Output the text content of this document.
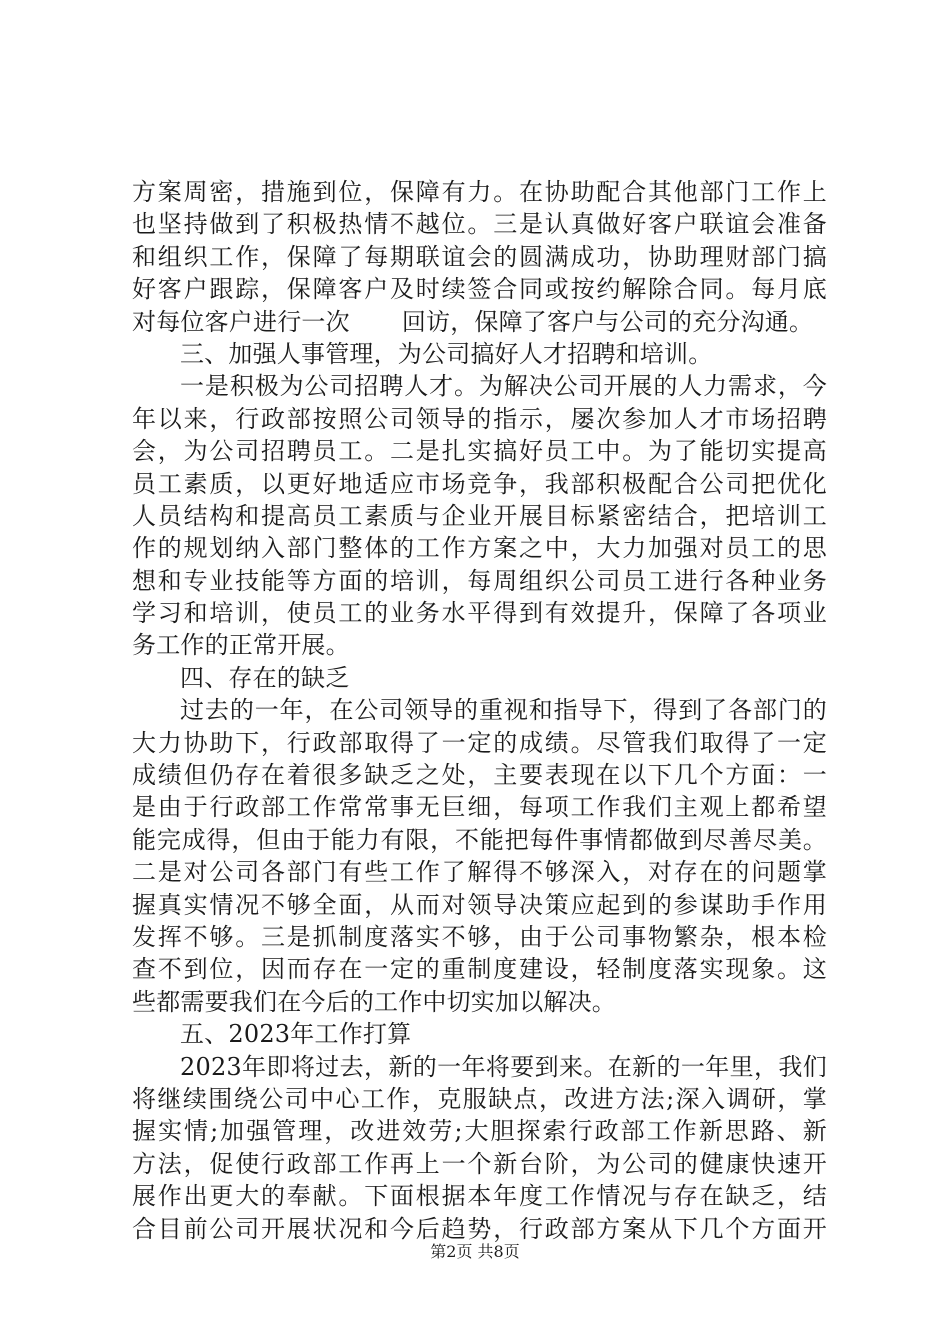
方案周密，措施到位，保障有力。在协助配合其他部门工作上
也坚持做到了积极热情不越位。三是认真做好客户联谊会准备
和组织工作，保障了每期联谊会的圆满成功，协助理财部门搞
好客户跟踪，保障客户及时续签合同或按约解除合同。每月底
对每位客户进行一次 回访，保障了客户与公司的充分沟通。
三、加强人事管理，为公司搞好人才招聘和培训。
一是积极为公司招聘人才。为解决公司开展的人力需求，今
年以来，行政部按照公司领导的指示，屡次参加人才市场招聘
会，为公司招聘员工。二是扎实搞好员工中。为了能切实提高
员工素质，以更好地适应市场竞争，我部积极配合公司把优化
人员结构和提高员工素质与企业开展目标紧密结合，把培训工
作的规划纳入部门整体的工作方案之中，大力加强对员工的思
想和专业技能等方面的培训，每周组织公司员工进行各种业务
学习和培训，使员工的业务水平得到有效提升，保障了各项业
务工作的正常开展。
四、存在的缺乏
过去的一年，在公司领导的重视和指导下，得到了各部门的
大力协助下，行政部取得了一定的成绩。尽管我们取得了一定
成绩但仍存在着很多缺乏之处，主要表现在以下几个方面：一
是由于行政部工作常常事无巨细，每项工作我们主观上都希望
能完成得，但由于能力有限，不能把每件事情都做到尽善尽美。
二是对公司各部门有些工作了解得不够深入，对存在的问题掌
握真实情况不够全面，从而对领导决策应起到的参谋助手作用
发挥不够。三是抓制度落实不够，由于公司事物繁杂，根本检
查不到位，因而存在一定的重制度建设，轻制度落实现象。这
些都需要我们在今后的工作中切实加以解决。
五、2023年工作打算
2023年即将过去，新的一年将要到来。在新的一年里，我们
将继续围绕公司中心工作，克服缺点，改进方法;深入调研，掌
握实情;加强管理，改进效劳;大胆探索行政部工作新思路、新
方法，促使行政部工作再上一个新台阶，为公司的健康快速开
展作出更大的奉献。下面根据本年度工作情况与存在缺乏，结
合目前公司开展状况和今后趋势，行政部方案从下几个方面开
第2页 共8页
